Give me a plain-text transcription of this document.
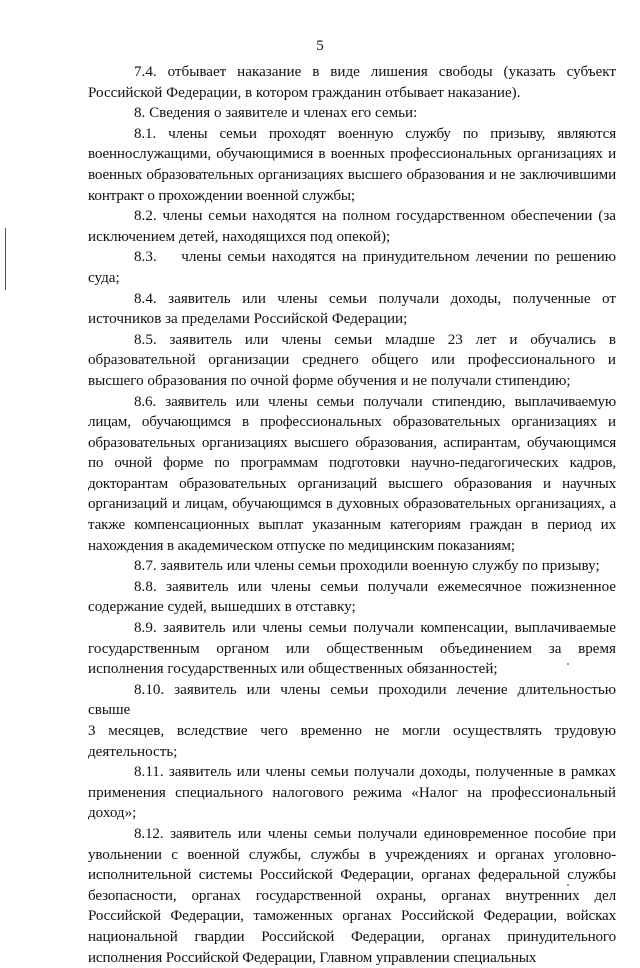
5

7.4. отбывает наказание в виде лишения свободы (указать субъект Российской Федерации, в котором гражданин отбывает наказание).

8. Сведения о заявителе и членах его семьи:

8.1. члены семьи проходят военную службу по призыву, являются военнослужащими, обучающимися в военных профессиональных организациях и военных образовательных организациях высшего образования и не заключившими контракт о прохождении военной службы;

8.2. члены семьи находятся на полном государственном обеспечении (за исключением детей, находящихся под опекой);

8.3.    члены семьи находятся на принудительном лечении по решению суда;

8.4. заявитель или члены семьи получали доходы, полученные от источников за пределами Российской Федерации;

8.5. заявитель или члены семьи младше 23 лет и обучались в образовательной организации среднего общего или профессионального и высшего образования по очной форме обучения и не получали стипендию;

8.6. заявитель или члены семьи получали стипендию, выплачиваемую лицам, обучающимся в профессиональных образовательных организациях и образовательных организациях высшего образования, аспирантам, обучающимся по очной форме по программам подготовки научно-педагогических кадров, докторантам образовательных организаций высшего образования и научных организаций и лицам, обучающимся в духовных образовательных организациях, а также компенсационных выплат указанным категориям граждан в период их нахождения в академическом отпуске по медицинским показаниям;

8.7. заявитель или члены семьи проходили военную службу по призыву;

8.8. заявитель или члены семьи получали ежемесячное пожизненное содержание судей, вышедших в отставку;

8.9. заявитель или члены семьи получали компенсации, выплачиваемые государственным органом или общественным объединением за время исполнения государственных или общественных обязанностей;

8.10. заявитель или члены семьи проходили лечение длительностью свыше

3 месяцев, вследствие чего временно не могли осуществлять трудовую деятельность;

8.11. заявитель или члены семьи получали доходы, полученные в рамках применения специального налогового режима «Налог на профессиональный доход»;

8.12. заявитель или члены семьи получали единовременное пособие при увольнении с военной службы, службы в учреждениях и органах уголовно-исполнительной системы Российской Федерации, органах федеральной службы безопасности, органах государственной охраны, органах внутренних дел Российской Федерации, таможенных органах Российской Федерации, войсках национальной гвардии Российской Федерации, органах принудительного исполнения Российской Федерации, Главном управлении специальных
